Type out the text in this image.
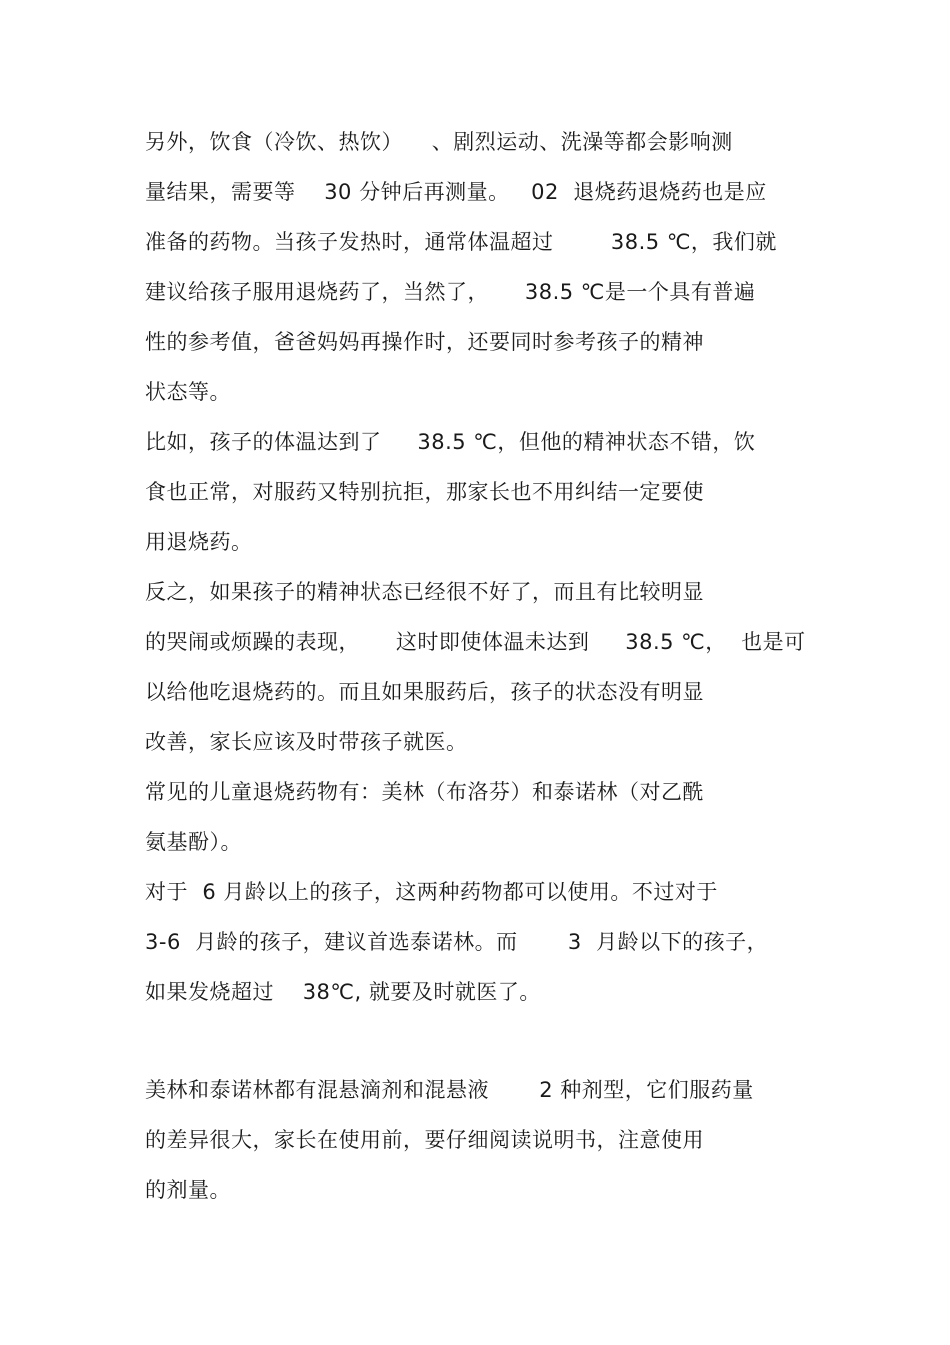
另外，饮食（冷饮、热饮）    、剧烈运动、洗澡等都会影响测
量结果，需要等    30 分钟后再测量。   02  退烧药退烧药也是应
准备的药物。当孩子发热时，通常体温超过        38.5 ℃，我们就
建议给孩子服用退烧药了，当然了，     38.5 ℃是一个具有普遍
性的参考值，爸爸妈妈再操作时，还要同时参考孩子的精神
状态等。
比如，孩子的体温达到了     38.5 ℃，但他的精神状态不错，饮
食也正常，对服药又特别抗拒，那家长也不用纠结一定要使
用退烧药。
反之，如果孩子的精神状态已经很不好了，而且有比较明显
的哭闹或烦躁的表现，     这时即使体温未达到     38.5 ℃，  也是可
以给他吃退烧药的。而且如果服药后，孩子的状态没有明显
改善，家长应该及时带孩子就医。
常见的儿童退烧药物有：美林（布洛芬）和泰诺林（对乙酰
氨基酚）。
对于  6 月龄以上的孩子，这两种药物都可以使用。不过对于
3-6  月龄的孩子，建议首选泰诺林。而       3  月龄以下的孩子，
如果发烧超过    38℃, 就要及时就医了。
美林和泰诺林都有混悬滴剂和混悬液       2 种剂型，它们服药量
的差异很大，家长在使用前，要仔细阅读说明书，注意使用
的剂量。
